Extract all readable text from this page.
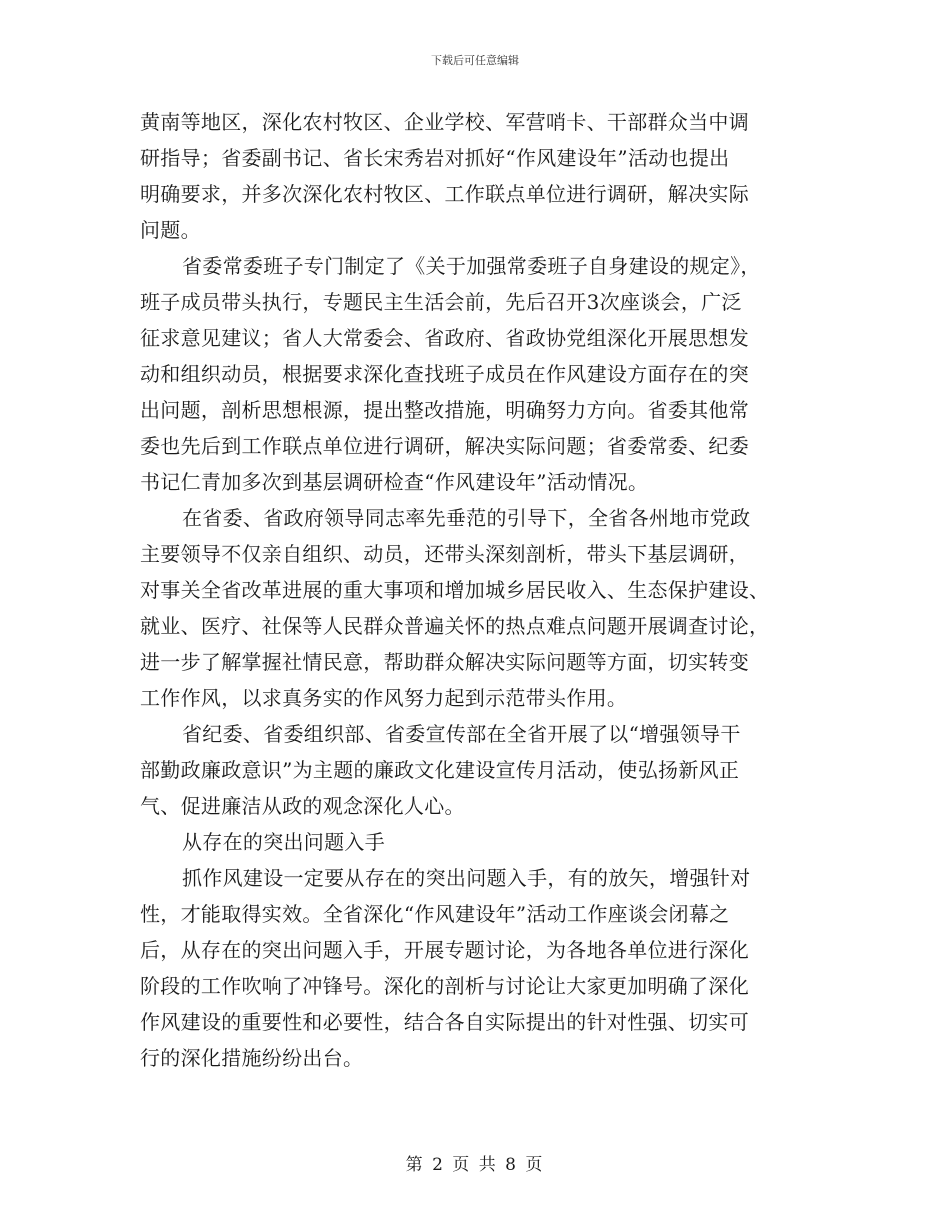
下载后可任意编辑
黄南等地区，深化农村牧区、企业学校、军营哨卡、干部群众当中调
研指导；省委副书记、省长宋秀岩对抓好“作风建设年”活动也提出
明确要求，并多次深化农村牧区、工作联点单位进行调研，解决实际
问题。
省委常委班子专门制定了《关于加强常委班子自身建设的规定》，
班子成员带头执行，专题民主生活会前，先后召开3次座谈会，广泛
征求意见建议；省人大常委会、省政府、省政协党组深化开展思想发
动和组织动员，根据要求深化查找班子成员在作风建设方面存在的突
出问题，剖析思想根源，提出整改措施，明确努力方向。省委其他常
委也先后到工作联点单位进行调研，解决实际问题；省委常委、纪委
书记仁青加多次到基层调研检查“作风建设年”活动情况。
在省委、省政府领导同志率先垂范的引导下，全省各州地市党政
主要领导不仅亲自组织、动员，还带头深刻剖析，带头下基层调研，
对事关全省改革进展的重大事项和增加城乡居民收入、生态保护建设、
就业、医疗、社保等人民群众普遍关怀的热点难点问题开展调查讨论，
进一步了解掌握社情民意，帮助群众解决实际问题等方面，切实转变
工作作风，以求真务实的作风努力起到示范带头作用。
省纪委、省委组织部、省委宣传部在全省开展了以“增强领导干
部勤政廉政意识”为主题的廉政文化建设宣传月活动，使弘扬新风正
气、促进廉洁从政的观念深化人心。
从存在的突出问题入手
抓作风建设一定要从存在的突出问题入手，有的放矢，增强针对
性，才能取得实效。全省深化“作风建设年”活动工作座谈会闭幕之
后，从存在的突出问题入手，开展专题讨论，为各地各单位进行深化
阶段的工作吹响了冲锋号。深化的剖析与讨论让大家更加明确了深化
作风建设的重要性和必要性，结合各自实际提出的针对性强、切实可
行的深化措施纷纷出台。
第 2 页 共 8 页
